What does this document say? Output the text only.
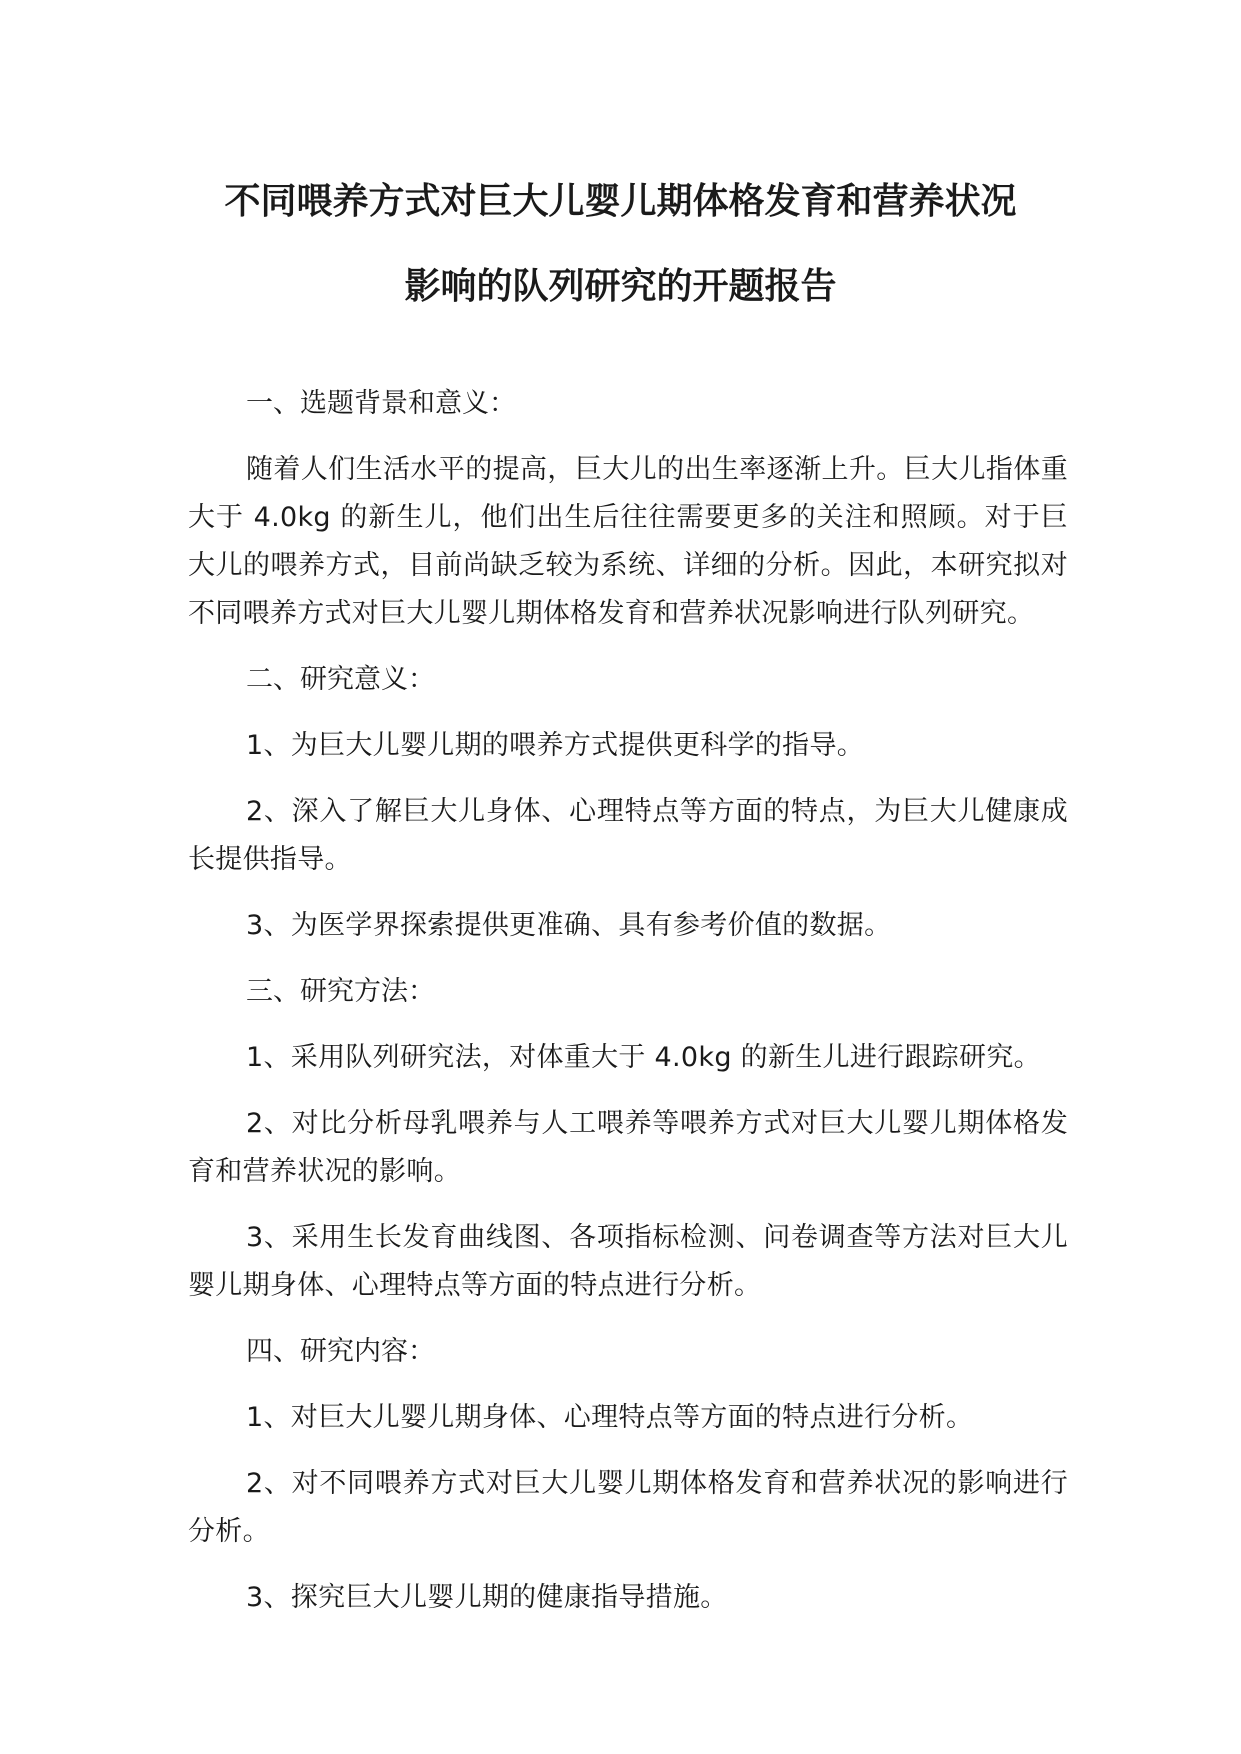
不同喂养方式对巨大儿婴儿期体格发育和营养状况
影响的队列研究的开题报告
一、选题背景和意义：
随着人们生活水平的提高，巨大儿的出生率逐渐上升。巨大儿指体重大于 4.0kg 的新生儿，他们出生后往往需要更多的关注和照顾。对于巨大儿的喂养方式，目前尚缺乏较为系统、详细的分析。因此，本研究拟对不同喂养方式对巨大儿婴儿期体格发育和营养状况影响进行队列研究。
二、研究意义：
1、为巨大儿婴儿期的喂养方式提供更科学的指导。
2、深入了解巨大儿身体、心理特点等方面的特点，为巨大儿健康成长提供指导。
3、为医学界探索提供更准确、具有参考价值的数据。
三、研究方法：
1、采用队列研究法，对体重大于 4.0kg 的新生儿进行跟踪研究。
2、对比分析母乳喂养与人工喂养等喂养方式对巨大儿婴儿期体格发育和营养状况的影响。
3、采用生长发育曲线图、各项指标检测、问卷调查等方法对巨大儿婴儿期身体、心理特点等方面的特点进行分析。
四、研究内容：
1、对巨大儿婴儿期身体、心理特点等方面的特点进行分析。
2、对不同喂养方式对巨大儿婴儿期体格发育和营养状况的影响进行分析。
3、探究巨大儿婴儿期的健康指导措施。
